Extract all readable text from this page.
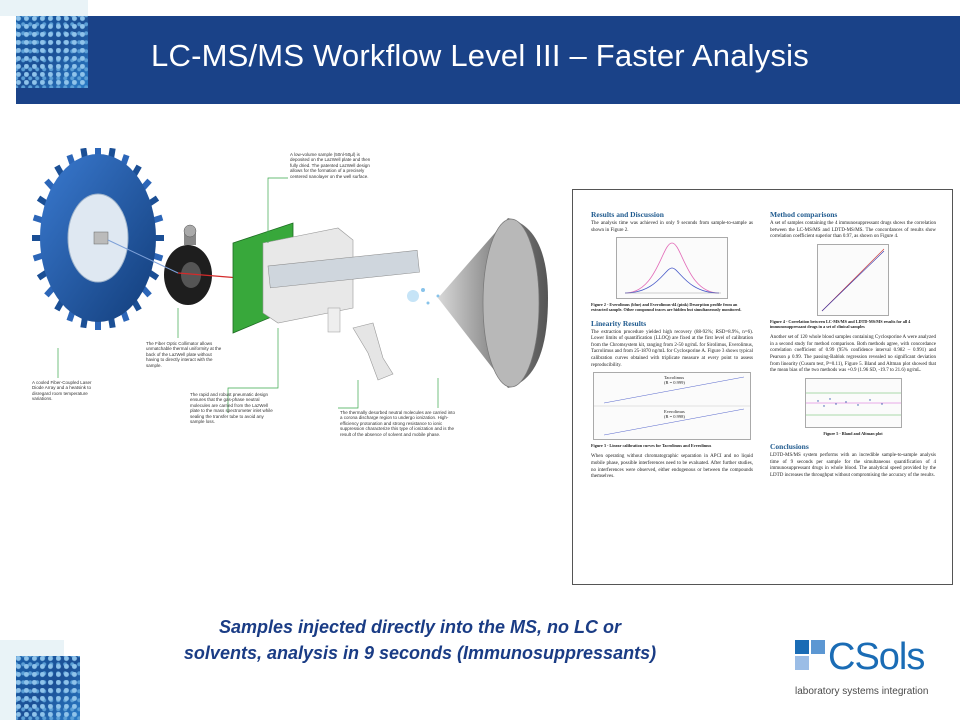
LC-MS/MS Workflow Level III – Faster Analysis
A low-volume sample (50nl-50µl) is deposited on the LazWell plate and then fully dried. The patented LazWell design allows for the formation of a precisely centered nanolayer on the well surface.
The Fiber Optic Collimator allows unmatchable thermal uniformity at the back of the LazWell plate without having to directly interact with the sample.
A cooled Fiber-Coupled Laser Diode Array and a heatsink to disregard room temperature variations.
The rapid and robust pneumatic design ensures that the gas-phase neutral molecules are carried from the LazWell plate to the mass spectrometer inlet while sealing the transfer tube to avoid any sample loss.
The thermally desorbed neutral molecules are carried into a corona discharge region to undergo ionization. High-efficiency protonation and strong resistance to ionic suppression characterize this type of ionization and is the result of the absence of solvent and mobile phase.

Results and Discussion

The analysis time was achieved in only 9 seconds from sample-to-sample as shown in Figure 2.

Figure 2 - Everolimus (blue) and Everolimus-d4 (pink) Desorption profile from an extracted sample. Other compound traces are hidden but simultaneously monitored.

Linearity Results

The extraction procedure yielded high recovery (88-92%; RSD=8.9%, n=6). Lower limits of quantification (LLOQ) are fixed at the first level of calibration from the Chromsystem kit, ranging from 2-50 ng/mL for Sirolimus, Everolimus, Tacrolimus and from 25-1870 ng/mL for Cyclosporine A. Figure 3 shows typical calibration curves obtained with triplicate measure at every point to assess reproducibility.

Tacrolimus
(R = 0.999)
Everolimus
(R = 0.998)

Figure 3 - Linear calibration curves for Tacrolimus and Everolimus

When operating without chromatographic separation in APCI and no liquid mobile phase, possible interferences need to be evaluated. After further studies, no interferences were observed, either endogenous or between the compounds themselves.

Method comparisons

A set of samples containing the 4 immunosuppressant drugs shows the correlation between the LC-MS/MS and LDTD-MS/MS. The concordances of results show correlation coefficient superior than 0.97, as shown on Figure 4.

Figure 4 - Correlation between LC-MS/MS and LDTD-MS/MS results for all 4 immunosuppressant drugs in a set of clinical samples

Another set of 120 whole blood samples containing Cyclosporine A were analyzed in a second study for method comparison. Both methods agree, with concordance correlation coefficient of 0.99 (95% confidence interval 0.982 – 0.991) and Pearson ρ 0.99. The passing-Bablok regression revealed no significant deviation from linearity (Cusum test, P=0.11), Figure 5. Bland and Altman plot showed that the mean bias of the two methods was +0.9 (1.96 SD, -19.7 to 21.6) ng/mL.

Figure 5 - Bland and Altman plot

Conclusions

LDTD-MS/MS system performs with an incredible sample-to-sample analysis time of 9 seconds per sample for the simultaneous quantification of 4 immunosuppressant drugs in whole blood. The analytical speed provided by the LDTD increases the throughput without compromising the accuracy of the results.

Samples injected directly into the MS, no LC or
solvents, analysis in 9 seconds (Immunosuppressants)	CSols
laboratory systems integration
